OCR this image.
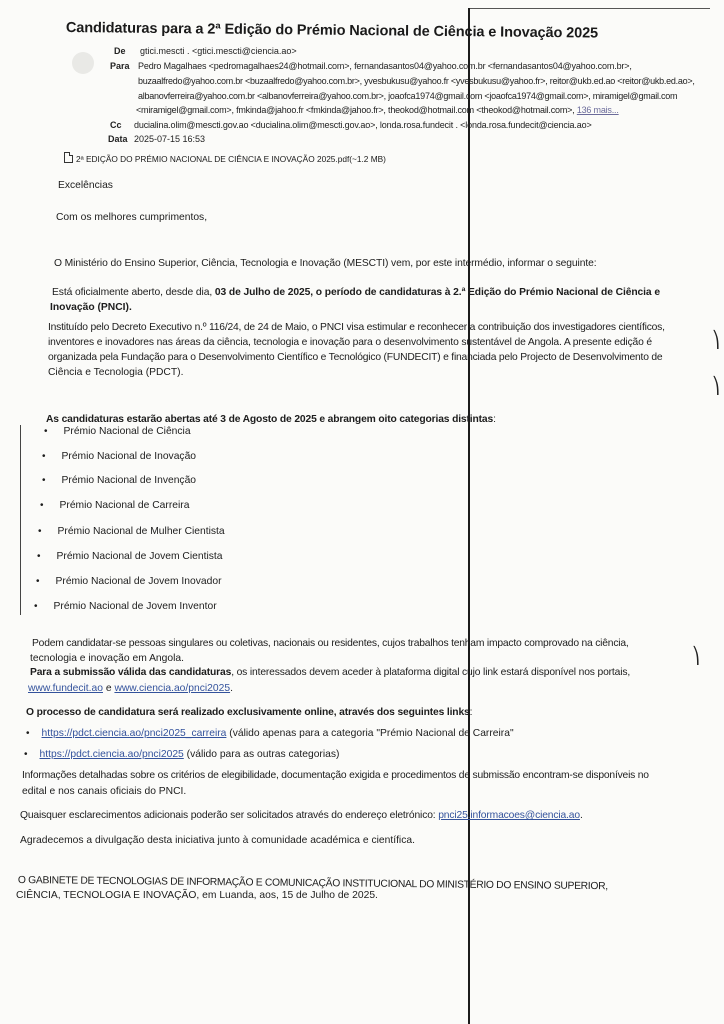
Candidaturas para a 2ª Edição do Prémio Nacional de Ciência e Inovação 2025
De gtici.mescti . <gtici.mescti@ciencia.ao>
Para Pedro Magalhaes <pedromagalhaes24@hotmail.com>, fernandasantos04@yahoo.com.br <fernandasantos04@yahoo.com.br>,
buzaalfredo@yahoo.com.br <buzaalfredo@yahoo.com.br>, yvesbukusu@yahoo.fr <yvesbukusu@yahoo.fr>, reitor@ukb.ed.ao <reitor@ukb.ed.ao>,
albanovferreira@yahoo.com.br <albanovferreira@yahoo.com.br>, joaofca1974@gmail.com <joaofca1974@gmail.com>, miramigel@gmail.com
<miramigel@gmail.com>, fmkinda@jahoo.fr <fmkinda@jahoo.fr>, theokod@hotmail.com <theokod@hotmail.com>, 136 mais...
Cc ducialina.olim@mescti.gov.ao <ducialina.olim@mescti.gov.ao>, londa.rosa.fundecit . <londa.rosa.fundecit@ciencia.ao>
Data 2025-07-15 16:53
2ª EDIÇÃO DO PRÉMIO NACIONAL DE CIÊNCIA E INOVAÇÃO 2025.pdf(~1.2 MB)
Excelências
Com os melhores cumprimentos,
O Ministério do Ensino Superior, Ciência, Tecnologia e Inovação (MESCTI) vem, por este intermédio, informar o seguinte:
Está oficialmente aberto, desde dia, 03 de Julho de 2025, o período de candidaturas à 2.ª Edição do Prémio Nacional de Ciência e
Inovação (PNCI).
Instituído pelo Decreto Executivo n.º 116/24, de 24 de Maio, o PNCI visa estimular e reconhecer a contribuição dos investigadores científicos,
inventores e inovadores nas áreas da ciência, tecnologia e inovação para o desenvolvimento sustentável de Angola. A presente edição é
organizada pela Fundação para o Desenvolvimento Científico e Tecnológico (FUNDECIT) e financiada pelo Projecto de Desenvolvimento de
Ciência e Tecnologia (PDCT).
⎞
⎞
As candidaturas estarão abertas até 3 de Agosto de 2025 e abrangem oito categorias distintas:
• Prémio Nacional de Ciência
• Prémio Nacional de Inovação
• Prémio Nacional de Invenção
• Prémio Nacional de Carreira
• Prémio Nacional de Mulher Cientista
• Prémio Nacional de Jovem Cientista
• Prémio Nacional de Jovem Inovador
• Prémio Nacional de Jovem Inventor
Podem candidatar-se pessoas singulares ou coletivas, nacionais ou residentes, cujos trabalhos tenham impacto comprovado na ciência,
tecnologia e inovação em Angola.	⎞
Para a submissão válida das candidaturas, os interessados devem aceder à plataforma digital cujo link estará disponível nos portais,
www.fundecit.ao e www.ciencia.ao/pnci2025.
O processo de candidatura será realizado exclusivamente online, através dos seguintes links:
• https://pdct.ciencia.ao/pnci2025_carreira (válido apenas para a categoria "Prémio Nacional de Carreira"
• https://pdct.ciencia.ao/pnci2025 (válido para as outras categorias)
Informações detalhadas sobre os critérios de elegibilidade, documentação exigida e procedimentos de submissão encontram-se disponíveis no
edital e nos canais oficiais do PNCI.
Quaisquer esclarecimentos adicionais poderão ser solicitados através do endereço eletrónico: pnci25.informacoes@ciencia.ao.
Agradecemos a divulgação desta iniciativa junto à comunidade académica e científica.
O GABINETE DE TECNOLOGIAS DE INFORMAÇÃO E COMUNICAÇÃO INSTITUCIONAL DO MINISTÉRIO DO ENSINO SUPERIOR,
CIÊNCIA, TECNOLOGIA E INOVAÇÃO, em Luanda, aos, 15 de Julho de 2025.
